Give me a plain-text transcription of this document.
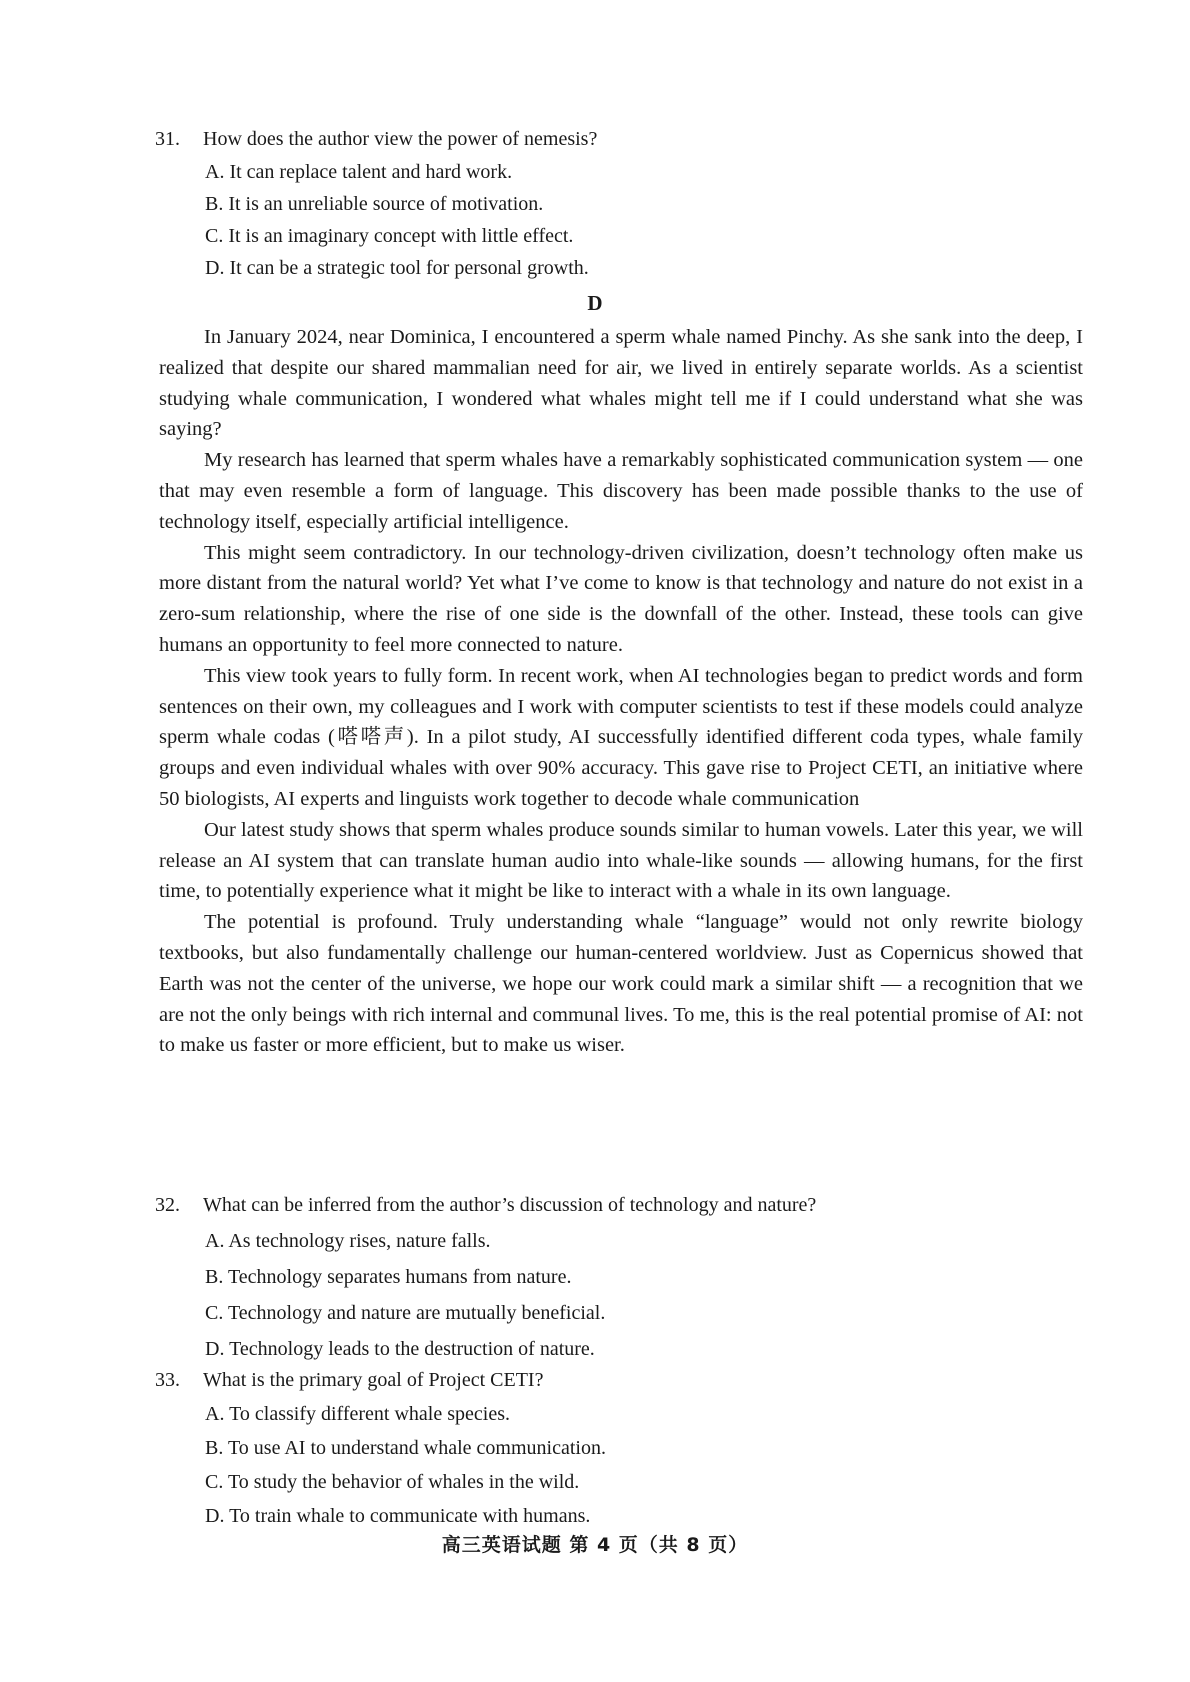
31. How does the author view the power of nemesis?
A. It can replace talent and hard work.
B. It is an unreliable source of motivation.
C. It is an imaginary concept with little effect.
D. It can be a strategic tool for personal growth.
D

In January 2024, near Dominica, I encountered a sperm whale named Pinchy. As she sank into the deep, I realized that despite our shared mammalian need for air, we lived in entirely separate worlds. As a scientist studying whale communication, I wondered what whales might tell me if I could understand what she was saying?

My research has learned that sperm whales have a remarkably sophisticated communication system — one that may even resemble a form of language. This discovery has been made possible thanks to the use of technology itself, especially artificial intelligence.

This might seem contradictory. In our technology-driven civilization, doesn’t technology often make us more distant from the natural world? Yet what I’ve come to know is that technology and nature do not exist in a zero-sum relationship, where the rise of one side is the downfall of the other. Instead, these tools can give humans an opportunity to feel more connected to nature.

This view took years to fully form. In recent work, when AI technologies began to predict words and form sentences on their own, my colleagues and I work with computer scientists to test if these models could analyze sperm whale codas (嗒嗒声). In a pilot study, AI successfully identified different coda types, whale family groups and even individual whales with over 90% accuracy. This gave rise to Project CETI, an initiative where 50 biologists, AI experts and linguists work together to decode whale communication

Our latest study shows that sperm whales produce sounds similar to human vowels. Later this year, we will release an AI system that can translate human audio into whale-like sounds — allowing humans, for the first time, to potentially experience what it might be like to interact with a whale in its own language.

The potential is profound. Truly understanding whale “language” would not only rewrite biology textbooks, but also fundamentally challenge our human-centered worldview. Just as Copernicus showed that Earth was not the center of the universe, we hope our work could mark a similar shift — a recognition that we are not the only beings with rich internal and communal lives. To me, this is the real potential promise of AI: not to make us faster or more efficient, but to make us wiser.

32. What can be inferred from the author’s discussion of technology and nature?
A. As technology rises, nature falls.
B. Technology separates humans from nature.
C. Technology and nature are mutually beneficial.
D. Technology leads to the destruction of nature.
33. What is the primary goal of Project CETI?
A. To classify different whale species.
B. To use AI to understand whale communication.
C. To study the behavior of whales in the wild.
D. To train whale to communicate with humans.
高三英语试题 第 4 页（共 8 页）
